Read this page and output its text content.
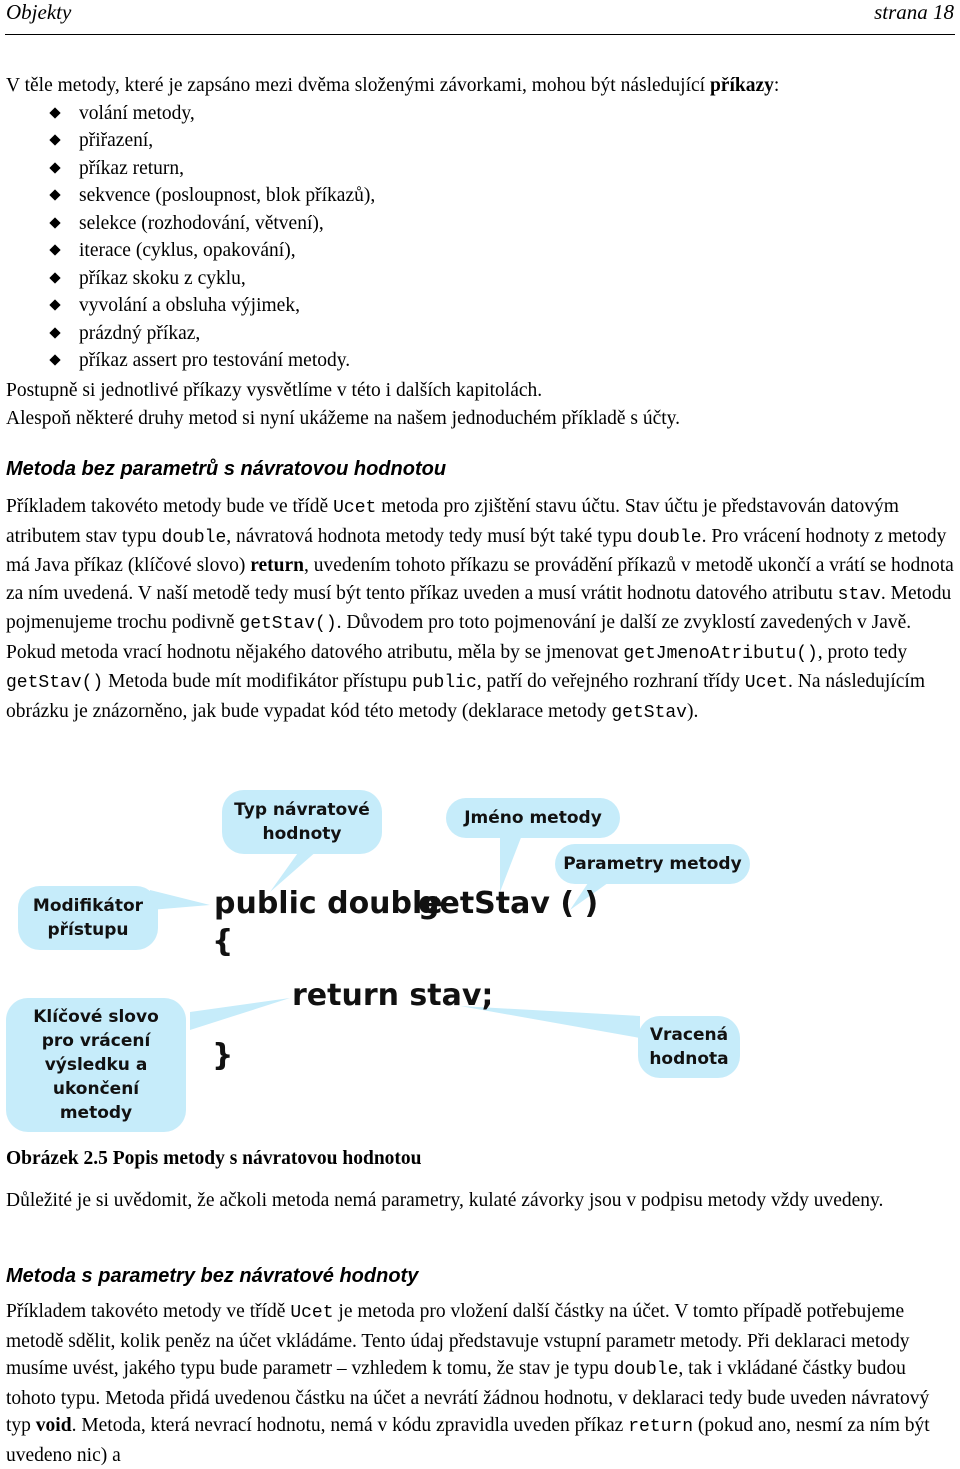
Objekty	strana 18
V těle metody, které je zapsáno mezi dvěma složenými závorkami, mohou být následující příkazy:
volání metody,
přiřazení,
příkaz return,
sekvence (posloupnost, blok příkazů),
selekce (rozhodování, větvení),
iterace (cyklus, opakování),
příkaz skoku z cyklu,
vyvolání a obsluha výjimek,
prázdný příkaz,
příkaz assert pro testování metody.
Postupně si jednotlivé příkazy vysvětlíme v této i dalších kapitolách.
Alespoň některé druhy metod si nyní ukážeme na našem jednoduchém příkladě s účty.
Metoda bez parametrů s návratovou hodnotou
Příkladem takovéto metody bude ve třídě Ucet metoda pro zjištění stavu účtu. Stav účtu je představován datovým atributem stav typu double, návratová hodnota metody tedy musí být také typu double. Pro vrácení hodnoty z metody má Java příkaz (klíčové slovo) return, uvedením tohoto příkazu se provádění příkazů v metodě ukončí a vrátí se hodnota za ním uvedená. V naší metodě tedy musí být tento příkaz uveden a musí vrátit hodnotu datového atributu stav. Metodu pojmenujeme trochu podivně getStav(). Důvodem pro toto pojmenování je další ze zvyklostí zavedených v Javě. Pokud metoda vrací hodnotu nějakého datového atributu, měla by se jmenovat getJmenoAtributu(), proto tedy getStav() Metoda bude mít modifikátor přístupu public, patří do veřejného rozhraní třídy Ucet. Na následujícím obrázku je znázorněno, jak bude vypadat kód této metody (deklarace metody getStav).
Typ návratové
hodnoty
Jméno metody
Parametry metody
Modifikátor
přístupu
Klíčové slovo
pro vrácení
výsledku a
ukončení
metody
Vracená
hodnota
public double
getStav ( )
{
return stav;
}
Obrázek 2.5 Popis metody s návratovou hodnotou
Důležité je si uvědomit, že ačkoli metoda nemá parametry, kulaté závorky jsou v podpisu metody vždy uvedeny.
Metoda s parametry bez návratové hodnoty
Příkladem takovéto metody ve třídě Ucet je metoda pro vložení další částky na účet. V tomto případě potřebujeme metodě sdělit, kolik peněz na účet vkládáme. Tento údaj představuje vstupní parametr metody. Při deklaraci metody musíme uvést, jakého typu bude parametr – vzhledem k tomu, že stav je typu double, tak i vkládané částky budou tohoto typu. Metoda přidá uvedenou částku na účet a nevrátí žádnou hodnotu, v deklaraci tedy bude uveden návratový typ void. Metoda, která nevrací hodnotu, nemá v kódu zpravidla uveden příkaz return (pokud ano, nesmí za ním být uvedeno nic) a
